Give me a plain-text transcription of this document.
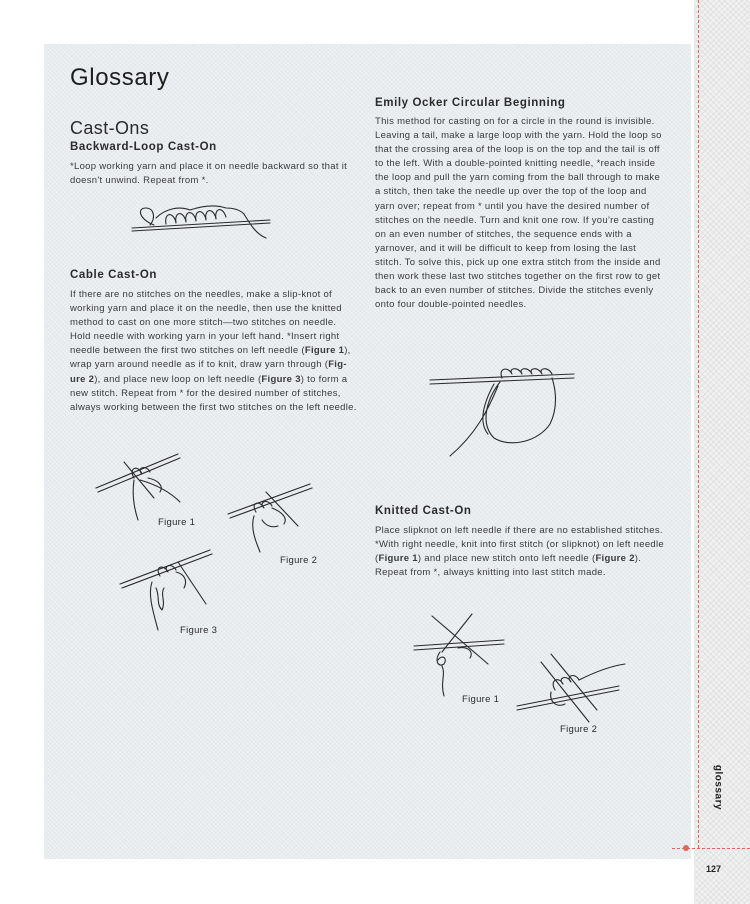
glossary
127
Glossary
Cast-Ons
Backward-Loop Cast-On

*Loop working yarn and place it on needle backward so that it doesn't unwind. Repeat from *.

Cable Cast-On

If there are no stitches on the needles, make a slip-knot of working yarn and place it on the needle, then use the knitted method to cast on one more stitch—two stitches on needle. Hold needle with working yarn in your left hand. *Insert right needle between the first two stitches on left needle (Figure 1), wrap yarn around needle as if to knit, draw yarn through (Fig-ure 2), and place new loop on left needle (Figure 3) to form a new stitch. Repeat from * for the desired number of stitches, always working between the first two stitches on the left needle.

Figure 1

Figure 2

Figure 3

Emily Ocker Circular Beginning

This method for casting on for a circle in the round is invisible. Leaving a tail, make a large loop with the yarn. Hold the loop so that the crossing area of the loop is on the top and the tail is off to the left. With a double-pointed knitting needle, *reach inside the loop and pull the yarn coming from the ball through to make a stitch, then take the needle up over the top of the loop and yarn over; repeat from * until you have the desired number of stitches on the needle. Turn and knit one row. If you're casting on an even number of stitches, the sequence ends with a yarnover, and it will be difficult to keep from losing the last stitch. To solve this, pick up one extra stitch from the inside and then work these last two stitches together on the first row to get back to an even number of stitches. Divide the stitches evenly onto four double-pointed needles.

Knitted Cast-On

Place slipknot on left needle if there are no established stitches. *With right needle, knit into first stitch (or slipknot) on left needle (Figure 1) and place new stitch onto left needle (Figure 2). Repeat from *, always knitting into last stitch made.

Figure 1

Figure 2
